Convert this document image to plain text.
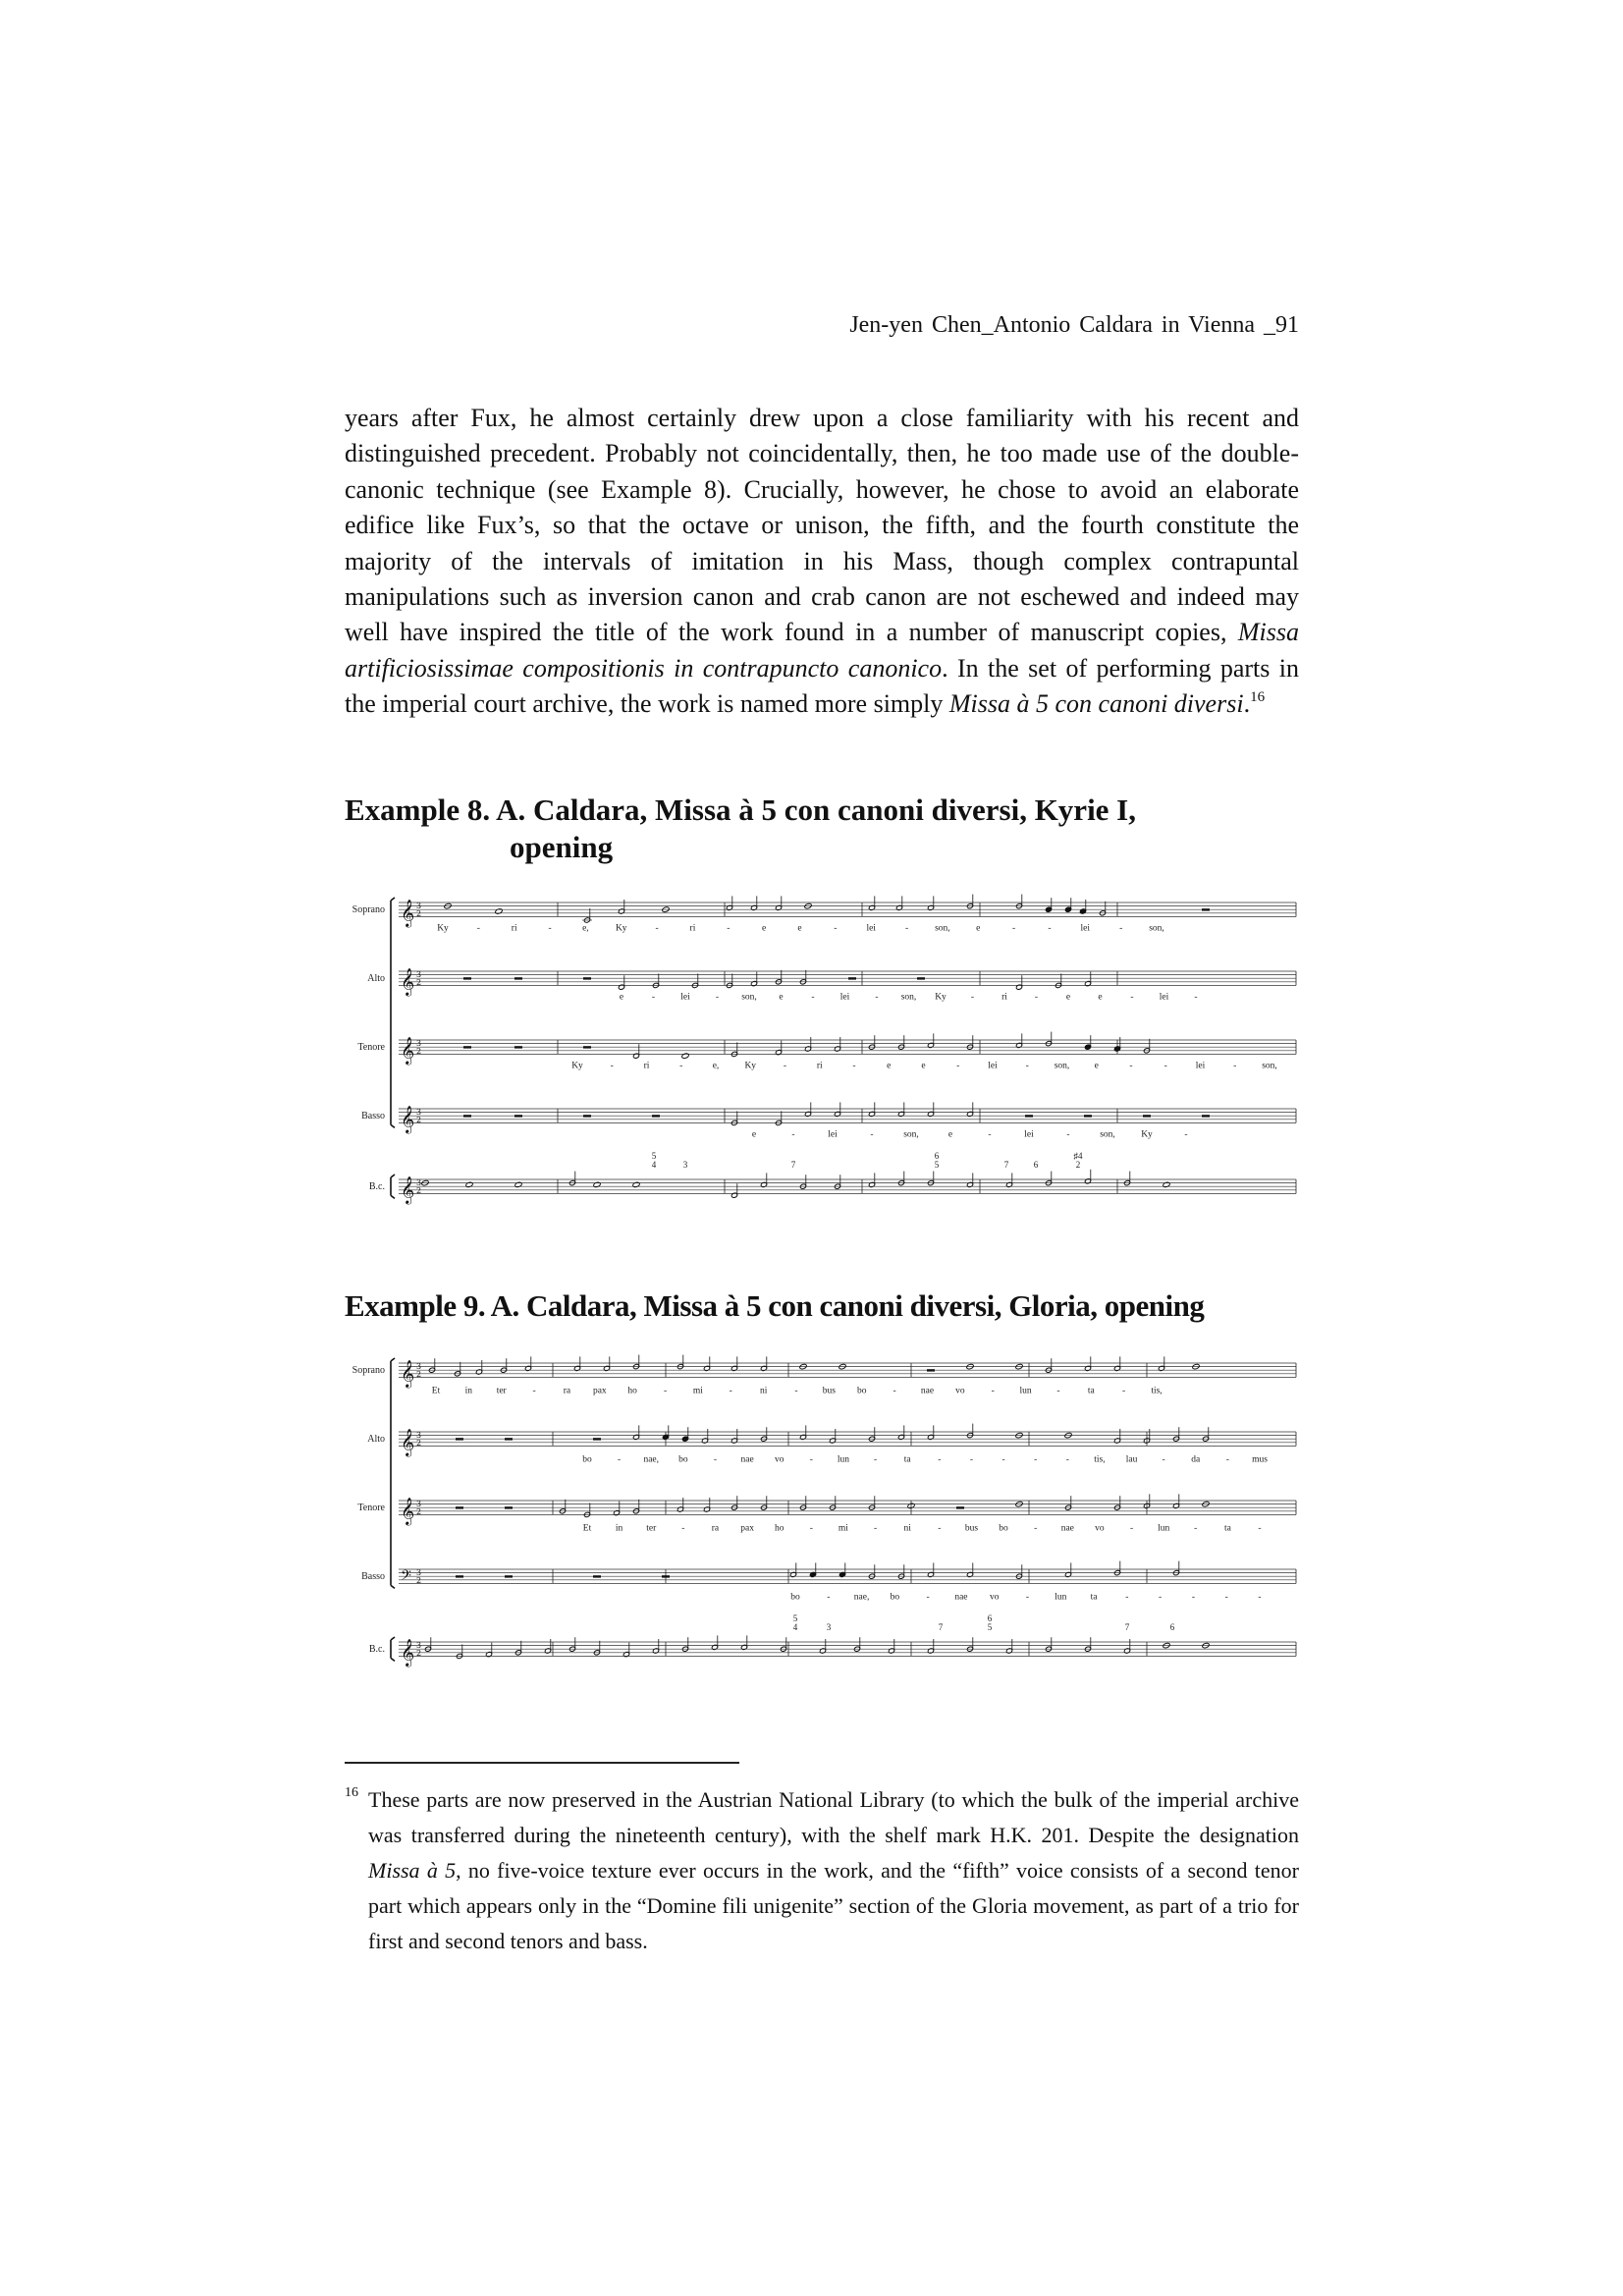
Jen-yen Chen_Antonio Caldara in Vienna _91

years after Fux, he almost certainly drew upon a close familiarity with his recent and distinguished precedent. Probably not coincidentally, then, he too made use of the double-canonic technique (see Example 8). Crucially, however, he chose to avoid an elaborate edifice like Fux’s, so that the octave or unison, the fifth, and the fourth constitute the majority of the intervals of imitation in his Mass, though complex contrapuntal manipulations such as inversion canon and crab canon are not eschewed and indeed may well have inspired the title of the work found in a number of manuscript copies, Missa artificiosissimae compositionis in contrapuncto canonico. In the set of performing parts in the imperial court archive, the work is named more simply Missa à 5 con canoni diversi.$^{16}$

Example 8. A. Caldara, Missa à 5 con canoni diversi, Kyrie I,
opening
Soprano 𝄞 3
2
Ky	-	ri	-	e,	Ky	-	ri	-	e	e	-	lei	-	son,	e	-	-	lei	-	son,
Alto 𝄞 3
2
e	-	lei	- son, e	-	lei	- son, Ky	-	ri	-	e	e	-	lei	-
Tenore 𝄞 3
2
Ky	-	ri	-	e,	Ky	-	ri	-	e	e	-	lei	-	son,	e	-	-	lei	-	son,
Basso 𝄞 3
2
e	-	lei	-	son,	e	-	lei	-	son,	Ky	-
B.c. 𝄞 3
2
5
4	3	7
6
5	7	6
♯4
2
Example 9. A. Caldara, Missa à 5 con canoni diversi, Gloria, opening
Soprano 𝄞 3
2
Et	in	ter	-	ra pax ho	-	mi	-	ni	-	bus bo	-	nae vo	-	lun	-	ta	-	tis,
Alto 𝄞 3
2
bo	- nae, bo	-	nae vo	-	lun	-	ta	-	-	-	-	-	tis, lau	-	da	- mus
Tenore 𝄞 3
2
Et	in	ter	-	ra pax ho	-	mi	-	ni	-	bus bo	-	nae vo	-	lun	-	ta	-
Basso 𝄢 3
2
bo	-	nae, bo	-	nae vo	-	lun	ta	-	-	-	-	-
B.c. 𝄞 3
2
5
4	3	7
6
5	7	6

$^{16}$ These parts are now preserved in the Austrian National Library (to which the bulk of the imperial archive was transferred during the nineteenth century), with the shelf mark H.K. 201. Despite the designation Missa à 5, no five-voice texture ever occurs in the work, and the “fifth” voice consists of a second tenor part which appears only in the “Domine fili unigenite” section of the Gloria movement, as part of a trio for first and second tenors and bass.
